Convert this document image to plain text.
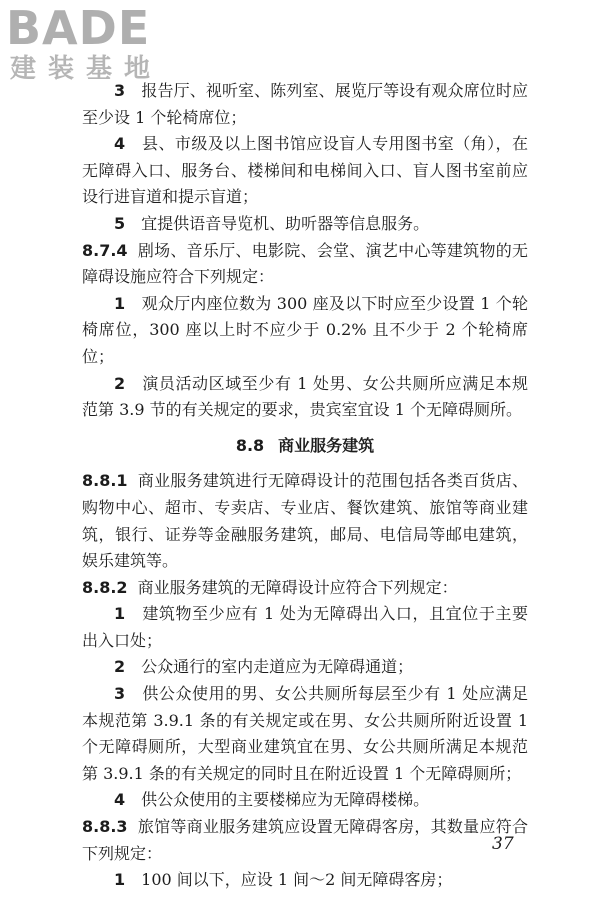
BADE
建装基地

3　 报告厅、视听室、陈列室、展览厅等设有观众席位时应至少设 1 个轮椅席位；

4　 县、市级及以上图书馆应设盲人专用图书室（角），在无障碍入口、服务台、楼梯间和电梯间入口、盲人图书室前应设行进盲道和提示盲道；

5　 宜提供语音导览机、助听器等信息服务。

8.7.4 剧场、音乐厅、电影院、会堂、演艺中心等建筑物的无障碍设施应符合下列规定：

1　 观众厅内座位数为 300 座及以下时应至少设置 1 个轮椅席位，300 座以上时不应少于 0.2% 且不少于 2 个轮椅席位；

2　 演员活动区域至少有 1 处男、女公共厕所应满足本规范第 3.9 节的有关规定的要求，贵宾室宜设 1 个无障碍厕所。

8.8 商业服务建筑

8.8.1 商业服务建筑进行无障碍设计的范围包括各类百货店、购物中心、超市、专卖店、专业店、餐饮建筑、旅馆等商业建筑，银行、证券等金融服务建筑，邮局、电信局等邮电建筑，娱乐建筑等。

8.8.2 商业服务建筑的无障碍设计应符合下列规定：

1　 建筑物至少应有 1 处为无障碍出入口，且宜位于主要出入口处；

2　 公众通行的室内走道应为无障碍通道；

3　 供公众使用的男、女公共厕所每层至少有 1 处应满足本规范第 3.9.1 条的有关规定或在男、女公共厕所附近设置 1 个无障碍厕所，大型商业建筑宜在男、女公共厕所满足本规范第 3.9.1 条的有关规定的同时且在附近设置 1 个无障碍厕所；

4　 供公众使用的主要楼梯应为无障碍楼梯。

8.8.3 旅馆等商业服务建筑应设置无障碍客房，其数量应符合下列规定：

1　 100 间以下，应设 1 间～2 间无障碍客房；

37
